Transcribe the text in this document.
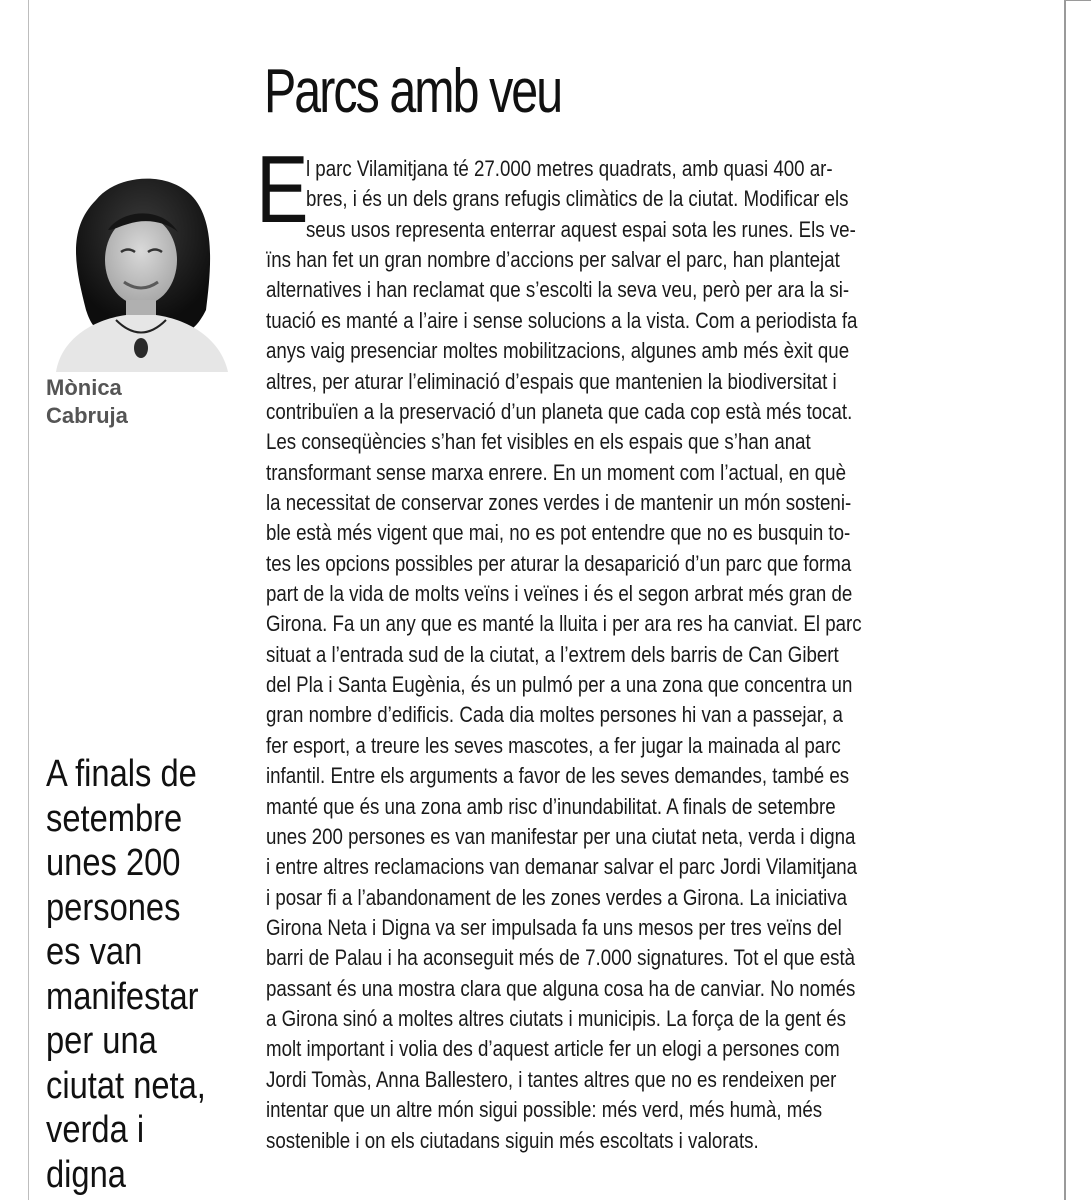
Parcs amb veu
Mònica
Cabruja
A finals de
setembre
unes 200
persones
es van
manifestar
per una
ciutat neta,
verda i
digna
E
l parc Vilamitjana té 27.000 metres quadrats, amb quasi 400 ar-
bres, i és un dels grans refugis climàtics de la ciutat. Modificar els
seus usos representa enterrar aquest espai sota les runes. Els ve-
ïns han fet un gran nombre d’accions per salvar el parc, han plantejat
alternatives i han reclamat que s’escolti la seva veu, però per ara la si-
tuació es manté a l’aire i sense solucions a la vista. Com a periodista fa
anys vaig presenciar moltes mobilitzacions, algunes amb més èxit que
altres, per aturar l’eliminació d’espais que mantenien la biodiversitat i
contribuïen a la preservació d’un planeta que cada cop està més tocat.
Les conseqüències s’han fet visibles en els espais que s’han anat
transformant sense marxa enrere. En un moment com l’actual, en què
la necessitat de conservar zones verdes i de mantenir un món sosteni-
ble està més vigent que mai, no es pot entendre que no es busquin to-
tes les opcions possibles per aturar la desaparició d’un parc que forma
part de la vida de molts veïns i veïnes i és el segon arbrat més gran de
Girona. Fa un any que es manté la lluita i per ara res ha canviat. El parc
situat a l’entrada sud de la ciutat, a l’extrem dels barris de Can Gibert
del Pla i Santa Eugènia, és un pulmó per a una zona que concentra un
gran nombre d’edificis. Cada dia moltes persones hi van a passejar, a
fer esport, a treure les seves mascotes, a fer jugar la mainada al parc
infantil. Entre els arguments a favor de les seves demandes, també es
manté que és una zona amb risc d’inundabilitat. A finals de setembre
unes 200 persones es van manifestar per una ciutat neta, verda i digna
i entre altres reclamacions van demanar salvar el parc Jordi Vilamitjana
i posar fi a l’abandonament de les zones verdes a Girona. La iniciativa
Girona Neta i Digna va ser impulsada fa uns mesos per tres veïns del
barri de Palau i ha aconseguit més de 7.000 signatures. Tot el que està
passant és una mostra clara que alguna cosa ha de canviar. No només
a Girona sinó a moltes altres ciutats i municipis. La força de la gent és
molt important i volia des d’aquest article fer un elogi a persones com
Jordi Tomàs, Anna Ballestero, i tantes altres que no es rendeixen per
intentar que un altre món sigui possible: més verd, més humà, més
sostenible i on els ciutadans siguin més escoltats i valorats.
